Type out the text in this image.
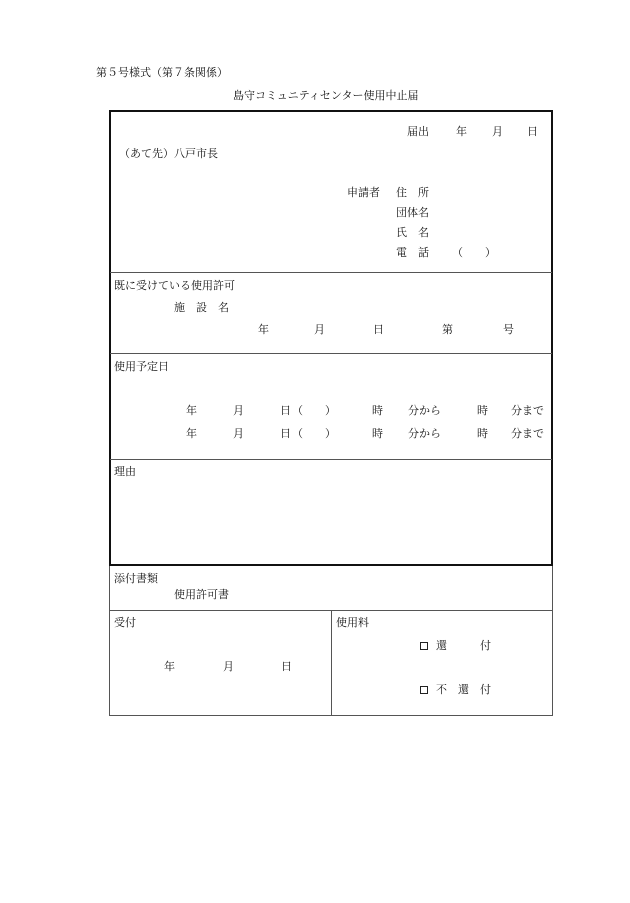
第５号様式（第７条関係）
島守コミュニティセンター使用中止届
届出 年 月 日
（あて先）八戸市長
申請者 住　所
団体名
氏　名
電　話 （　　）
既に受けている使用許可
施　設　名
年	月	日	第	号
使用予定日
年	月	日 （　　）	時 分から	時 分まで
年	月	日 （　　）	時 分から	時 分まで
理由
添付書類
使用許可書
受付
年	月	日
使用料
還　　　付
不　還　付
